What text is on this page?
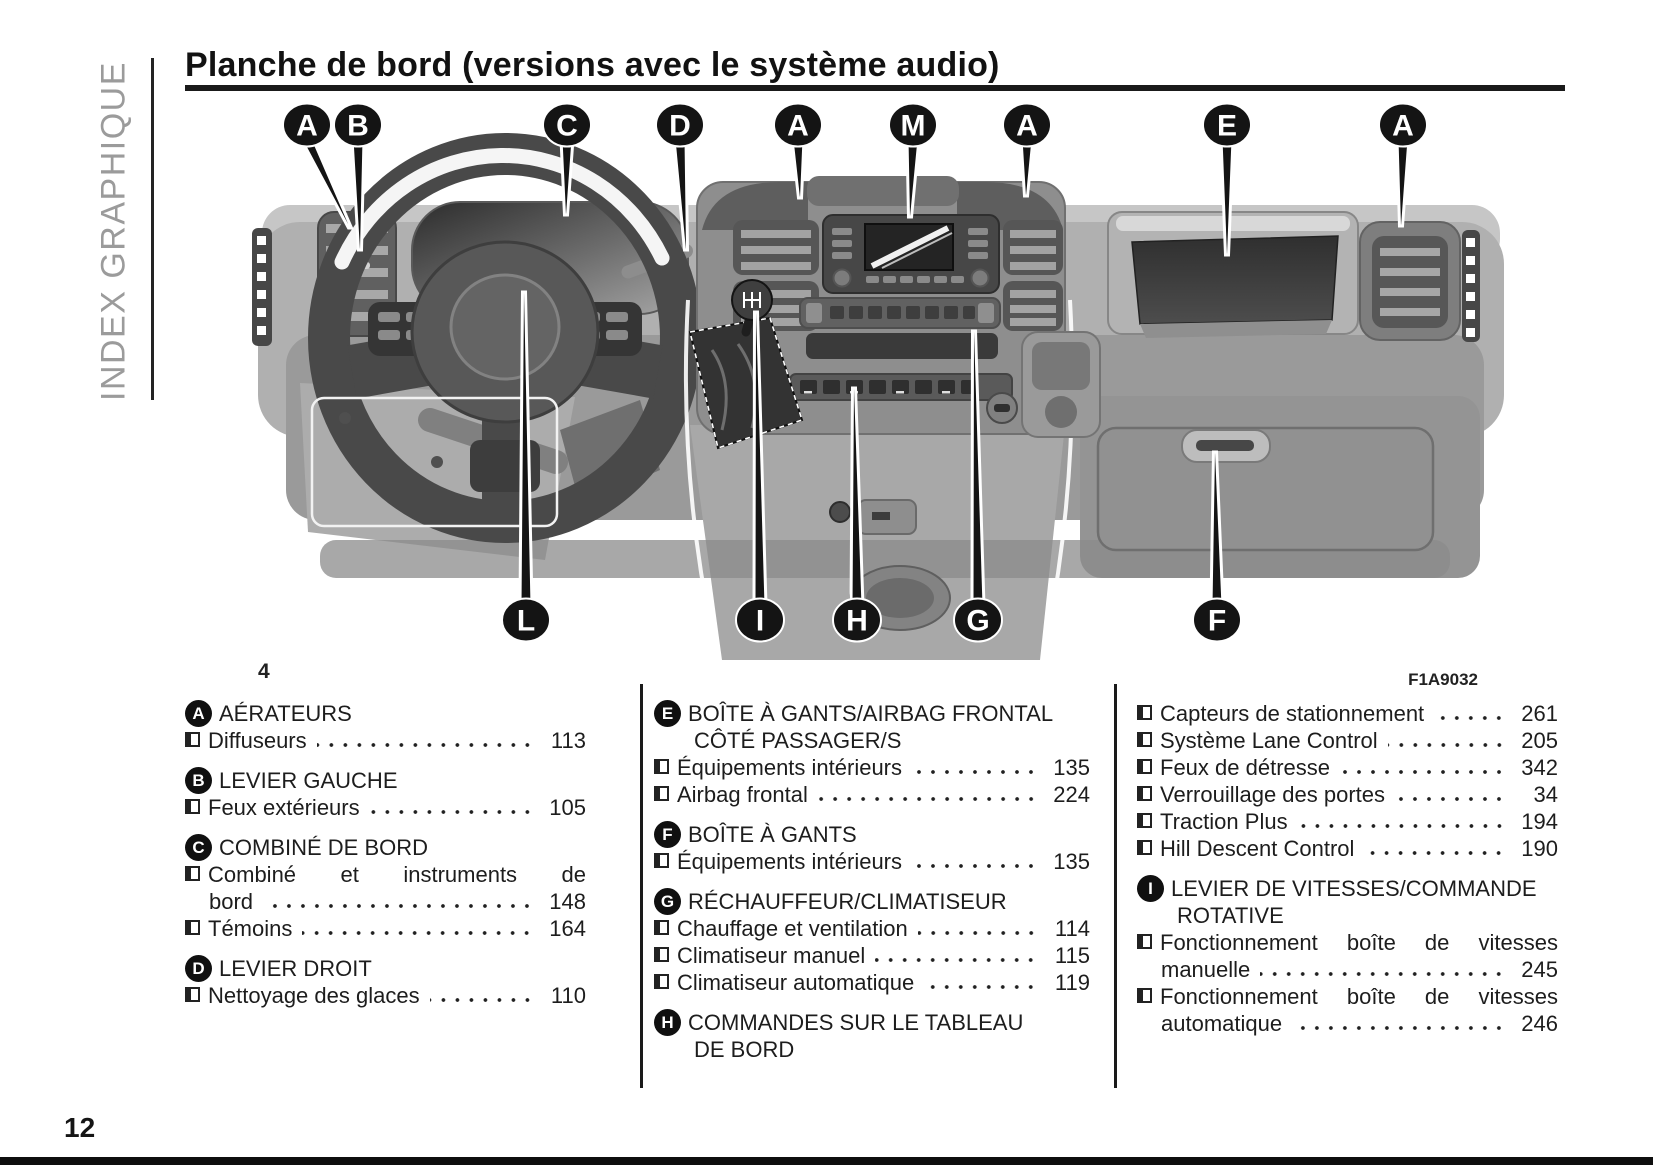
INDEX GRAPHIQUE Planche de bord (versions avec le système audio)
A B	C	D	A	M	A	E	A
L	I	H	G	F
4	F1A9032
A AÉRATEURS
Diffuseurs	113
B LEVIER GAUCHE
Feux extérieurs	105
C COMBINÉ DE BORD
Combiné et instruments de
bord	148
Témoins	164
D LEVIER DROIT
Nettoyage des glaces	110
E BOÎTE À GANTS/AIRBAG FRONTAL
CÔTÉ PASSAGER/S
Équipements intérieurs	135
Airbag frontal	224
F BOÎTE À GANTS
Équipements intérieurs	135
G RÉCHAUFFEUR/CLIMATISEUR
Chauffage et ventilation	114
Climatiseur manuel	115
Climatiseur automatique	119
H COMMANDES SUR LE TABLEAU
DE BORD
Capteurs de stationnement	261
Système Lane Control	205
Feux de détresse	342
Verrouillage des portes	34
Traction Plus	194
Hill Descent Control	190
I LEVIER DE VITESSES/COMMANDE
ROTATIVE
Fonctionnement boîte de vitesses
manuelle	245
Fonctionnement boîte de vitesses
automatique	246
12
